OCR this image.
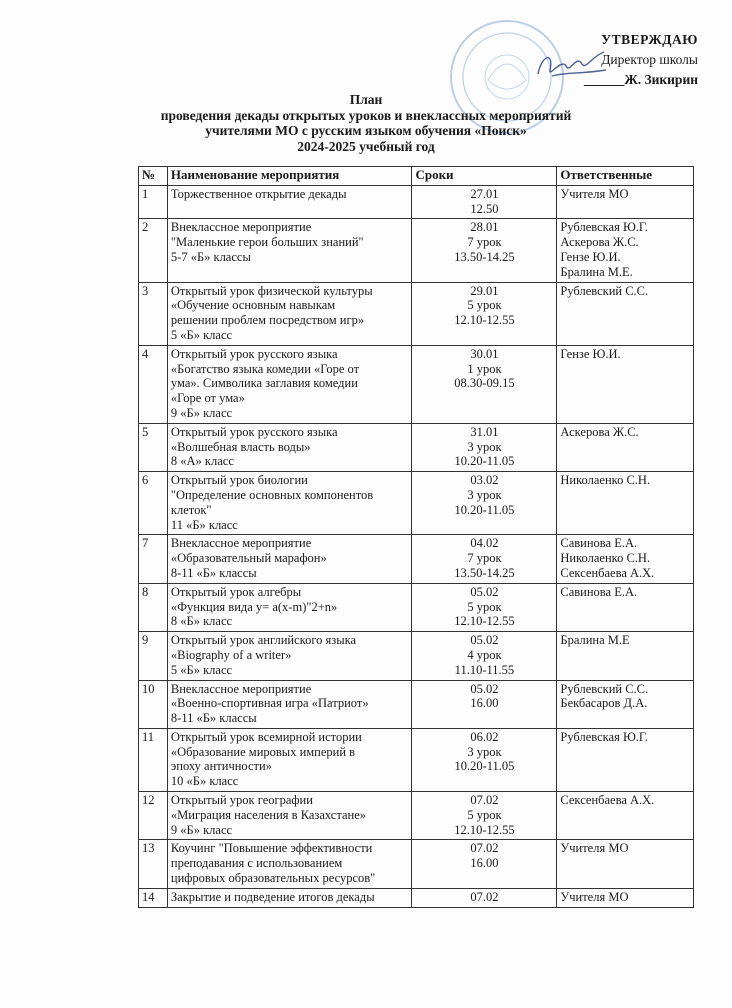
УТВЕРЖДАЮ
Директор школы
______Ж. Зикирин
План
проведения декады открытых уроков и внеклассных мероприятий
учителями МО с русским языком обучения «Поиск»
2024-2025 учебный год
№	Наименование мероприятия	Сроки	Ответственные
1	Торжественное открытие декады	27.01
12.50	Учителя МО

2	Внеклассное мероприятие
"Маленькие герои больших знаний"
5-7 «Б» классы	28.01
7 урок
13.50-14.25	Рублевская Ю.Г.
Аскерова Ж.С.
Гензе Ю.И.
Бралина М.Е.

3	Открытый урок физической культуры
«Обучение основным навыкам
решении проблем посредством игр»
5 «Б» класс	29.01
5 урок
12.10-12.55	Рублевский С.С.

4	Открытый урок русского языка
«Богатство языка комедии «Горе от
ума». Символика заглавия комедии
«Горе от ума»
9 «Б» класс	30.01
1 урок
08.30-09.15	Гензе Ю.И.

5	Открытый урок русского языка
«Волшебная власть воды»
8 «А» класс	31.01
3 урок
10.20-11.05	Аскерова Ж.С.

6	Открытый урок биологии
"Определение основных компонентов
клеток"
11 «Б» класс	03.02
3 урок
10.20-11.05	Николаенко С.Н.

7	Внеклассное мероприятие
«Образовательный марафон»
8-11 «Б» классы	04.02
7 урок
13.50-14.25	Савинова Е.А.
Николаенко С.Н.
Сексенбаева А.Х.

8	Открытый урок алгебры
«Функция вида у= а(х-m)"2+n»
8 «Б» класс	05.02
5 урок
12.10-12.55	Савинова Е.А.

9	Открытый урок английского языка
«Biography of a writer»
5 «Б» класс	05.02
4 урок
11.10-11.55	Бралина М.Е

10	Внеклассное мероприятие
«Военно-спортивная игра «Патриот»
8-11 «Б» классы	05.02
16.00	Рублевский С.С.
Бекбасаров Д.А.

11	Открытый урок всемирной истории
«Образование мировых империй в
эпоху античности»
10 «Б» класс	06.02
3 урок
10.20-11.05	Рублевская Ю.Г.

12	Открытый урок географии
«Миграция населения в Казахстане»
9 «Б» класс	07.02
5 урок
12.10-12.55	Сексенбаева А.Х.

13	Коучинг "Повышение эффективности
преподавания с использованием
цифровых образовательных ресурсов"	07.02
16.00	Учителя МО

14	Закрытие и подведение итогов декады	07.02	Учителя МО
